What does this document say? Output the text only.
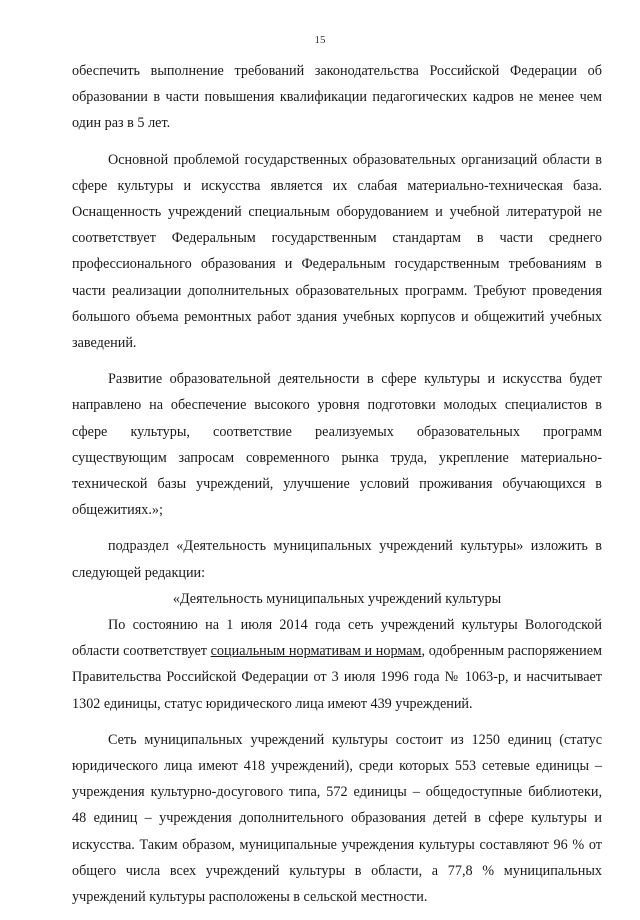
15

обеспечить выполнение требований законодательства Российской Федерации об образовании в части повышения квалификации педагогических кадров не менее чем один раз в 5 лет.

Основной проблемой государственных образовательных организаций области в сфере культуры и искусства является их слабая материально-техническая база. Оснащенность учреждений специальным оборудованием и учебной литературой не соответствует Федеральным государственным стандартам в части среднего профессионального образования и Федеральным государственным требованиям в части реализации дополнительных образовательных программ. Требуют проведения большого объема ремонтных работ здания учебных корпусов и общежитий учебных заведений.

Развитие образовательной деятельности в сфере культуры и искусства будет направлено на обеспечение высокого уровня подготовки молодых специалистов в сфере культуры, соответствие реализуемых образовательных программ существующим запросам современного рынка труда, укрепление материально-технической базы учреждений, улучшение условий проживания обучающихся в общежитиях.»;

подраздел «Деятельность муниципальных учреждений культуры» изложить в следующей редакции:

«Деятельность муниципальных учреждений культуры

По состоянию на 1 июля 2014 года сеть учреждений культуры Вологодской области соответствует социальным нормативам и нормам, одобренным распоряжением Правительства Российской Федерации от 3 июля 1996 года № 1063-р, и насчитывает 1302 единицы, статус юридического лица имеют 439 учреждений.

Сеть муниципальных учреждений культуры состоит из 1250 единиц (статус юридического лица имеют 418 учреждений), среди которых 553 сетевые единицы – учреждения культурно-досугового типа, 572 единицы – общедоступные библиотеки, 48 единиц – учреждения дополнительного образования детей в сфере культуры и искусства. Таким образом, муниципальные учреждения культуры составляют 96 % от общего числа всех учреждений культуры в области, а 77,8 % муниципальных учреждений культуры расположены в сельской местности.
